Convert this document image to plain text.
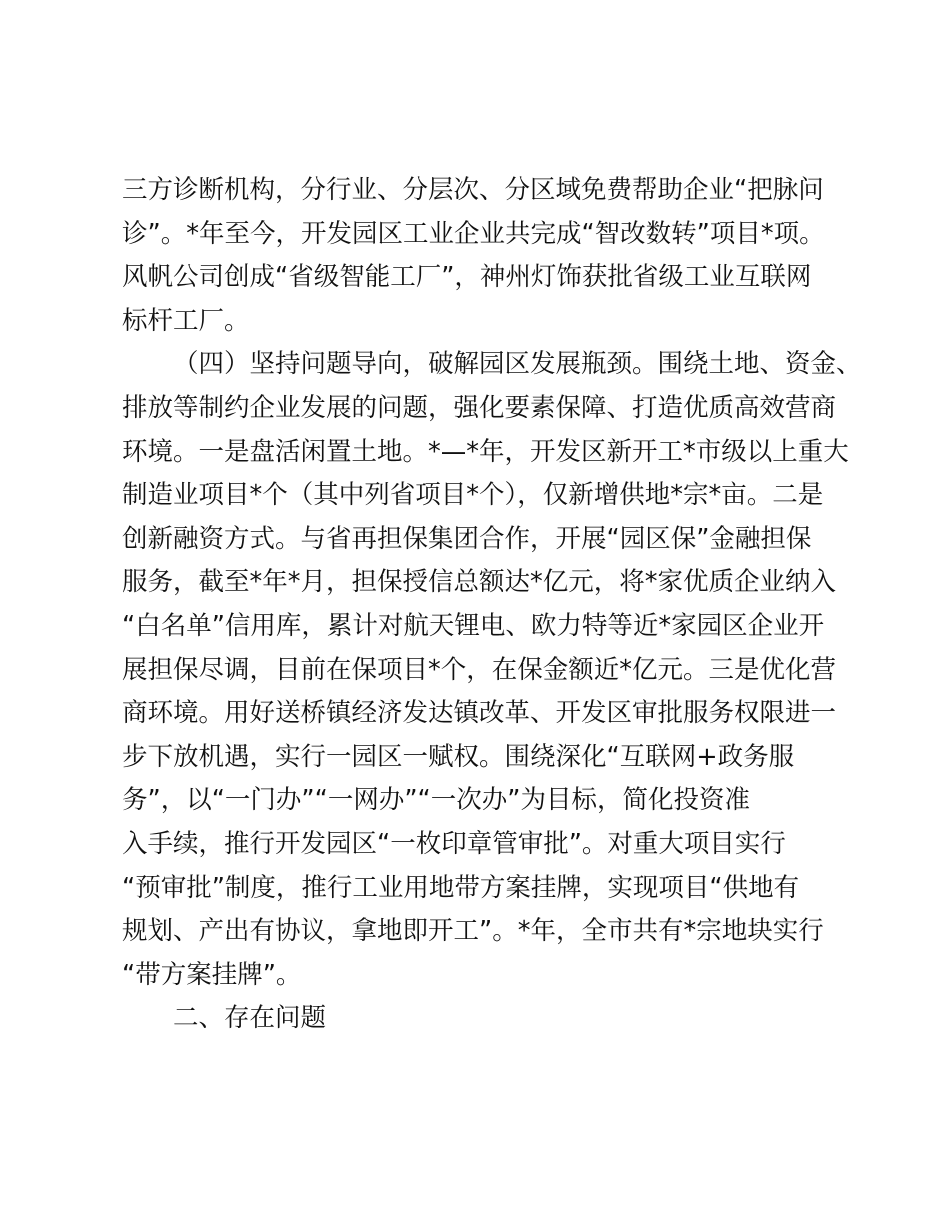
三方诊断机构，分行业、分层次、分区域免费帮助企业“把脉问
诊”。*年至今，开发园区工业企业共完成“智改数转”项目*项。
风帆公司创成“省级智能工厂”，神州灯饰获批省级工业互联网
标杆工厂。
（四）坚持问题导向，破解园区发展瓶颈。围绕土地、资金、
排放等制约企业发展的问题，强化要素保障、打造优质高效营商
环境。一是盘活闲置土地。*—*年，开发区新开工*市级以上重大
制造业项目*个（其中列省项目*个），仅新增供地*宗*亩。二是
创新融资方式。与省再担保集团合作，开展“园区保”金融担保
服务，截至*年*月，担保授信总额达*亿元，将*家优质企业纳入
“白名单”信用库，累计对航天锂电、欧力特等近*家园区企业开
展担保尽调，目前在保项目*个，在保金额近*亿元。三是优化营
商环境。用好送桥镇经济发达镇改革、开发区审批服务权限进一
步下放机遇，实行一园区一赋权。围绕深化“互联网+政务服
务”，以“一门办”“一网办”“一次办”为目标，简化投资准
入手续，推行开发园区“一枚印章管审批”。对重大项目实行
“预审批”制度，推行工业用地带方案挂牌，实现项目“供地有
规划、产出有协议，拿地即开工”。*年，全市共有*宗地块实行
“带方案挂牌”。
二、存在问题
